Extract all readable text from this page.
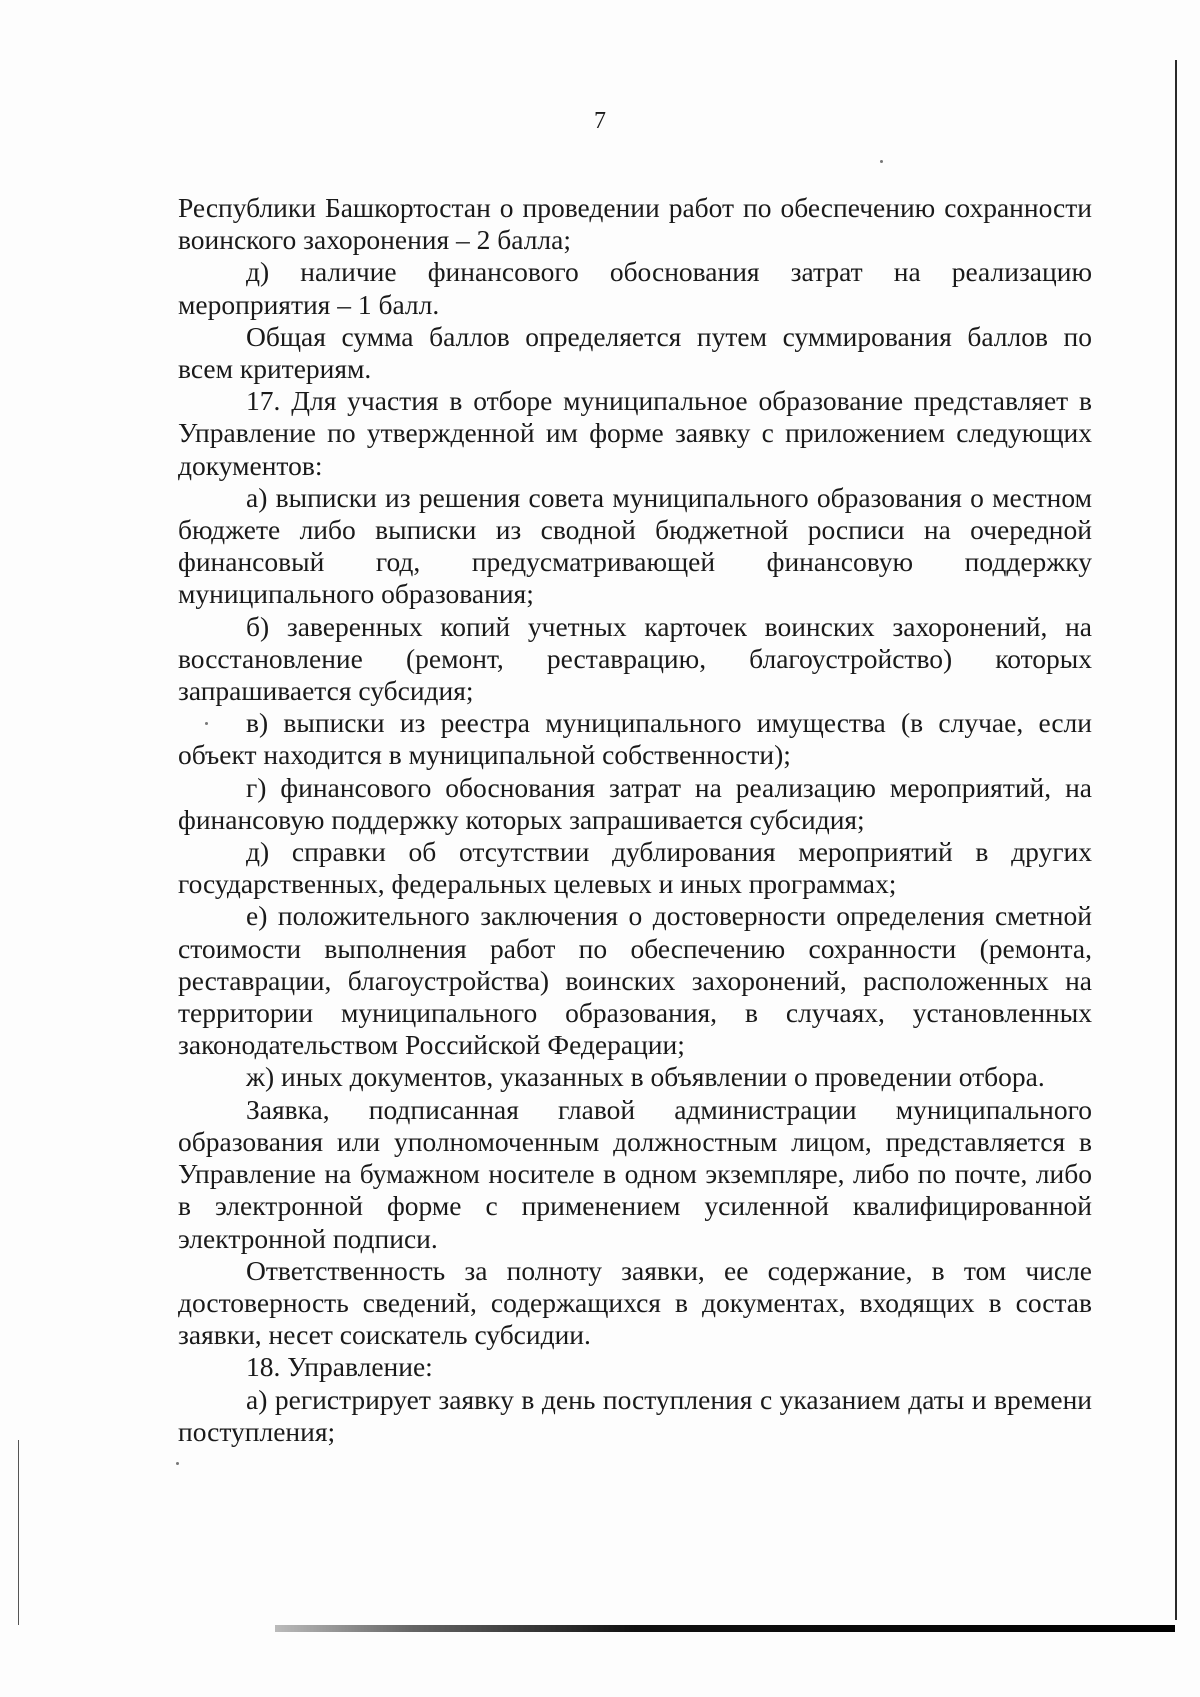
7

Республики Башкортостан о проведении работ по обеспечению сохранности воинского захоронения – 2 балла;

д) наличие финансового обоснования затрат на реализацию мероприятия – 1 балл.

Общая сумма баллов определяется путем суммирования баллов по всем критериям.

17. Для участия в отборе муниципальное образование представляет в Управление по утвержденной им форме заявку с приложением следующих документов:

а) выписки из решения совета муниципального образования о местном бюджете либо выписки из сводной бюджетной росписи на очередной финансовый год, предусматривающей финансовую поддержку муниципального образования;

б) заверенных копий учетных карточек воинских захоронений, на восстановление (ремонт, реставрацию, благоустройство) которых запрашивается субсидия;

в) выписки из реестра муниципального имущества (в случае, если объект находится в муниципальной собственности);

г) финансового обоснования затрат на реализацию мероприятий, на финансовую поддержку которых запрашивается субсидия;

д) справки об отсутствии дублирования мероприятий в других государственных, федеральных целевых и иных программах;

е) положительного заключения о достоверности определения сметной стоимости выполнения работ по обеспечению сохранности (ремонта, реставрации, благоустройства) воинских захоронений, расположенных на территории муниципального образования, в случаях, установленных законодательством Российской Федерации;

ж) иных документов, указанных в объявлении о проведении отбора.

Заявка, подписанная главой администрации муниципального образования или уполномоченным должностным лицом, представляется в Управление на бумажном носителе в одном экземпляре, либо по почте, либо в электронной форме с применением усиленной квалифицированной электронной подписи.

Ответственность за полноту заявки, ее содержание, в том числе достоверность сведений, содержащихся в документах, входящих в состав заявки, несет соискатель субсидии.

18. Управление:

а) регистрирует заявку в день поступления с указанием даты и времени поступления;
